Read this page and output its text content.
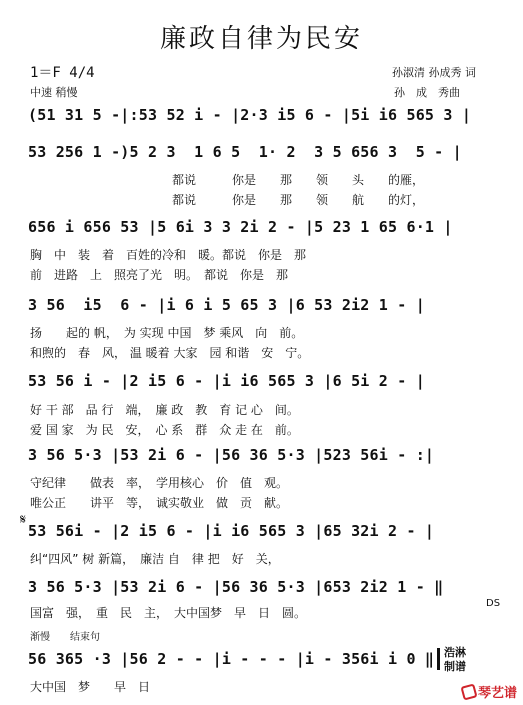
廉政自律为民安
1＝F 4/4
中速 稍慢
孙淑清 孙成秀 词
孙　成　秀曲
(51 31 5 -|:53 52 i - |2·3 i5 6 - |5i i6 565 3 |
53 256 1 -)5 2 3  1 6 5  1· 2  3 5 656 3  5 - |
都说　　　你是　　那　　领　　头　　的雁，
都说　　　你是　　那　　领　　航　　的灯，
656 i 656 53 |5 6i 3 3 2i 2 - |5 23 1 65 6·1 |
胸　中　装　着　百姓的冷和　暖。都说　你是　那
前　进路　上　照亮了光　明。　都说　你是　那
3 56  i5  6 - |i 6 i 5 65 3 |6 53 2i2 1 - |
扬　　起的 帆，　为 实现 中国　梦 乘风　向　前。
和煦的　春　风， 温 暖着 大家　园 和谐　安　宁。
53 56 i - |2 i5 6 - |i i6 565 3 |6 5i 2 - |
好 干 部　品 行　端，　廉 政　教　育 记 心　间。
爱 国 家　为 民　安，　心 系　群　众 走 在　前。
3 56 5·3 |53 2i 6 - |56 36 5·3 |523 56i - :|
守纪律　　做表　率，　学用核心　价　值　观。
唯公正　　讲平　等，　诚实敬业　做　贡　献。
𝄋
53 56i - |2 i5 6 - |i i6 565 3 |65 32i 2 - |
纠“四风” 树 新篇，　廉洁 自　律 把　好　关，
3 56 5·3 |53 2i 6 - |56 36 5·3 |653 2i2 1 - ‖
国富　强，　重　民　主，　大中国梦　早　日　圆。
DS
渐慢 结束句
56 365 ·3 |56 2 - - |i - - - |i - 356i i 0 ‖
大中国　梦　　早　日
浩淋
制谱
琴艺谱
